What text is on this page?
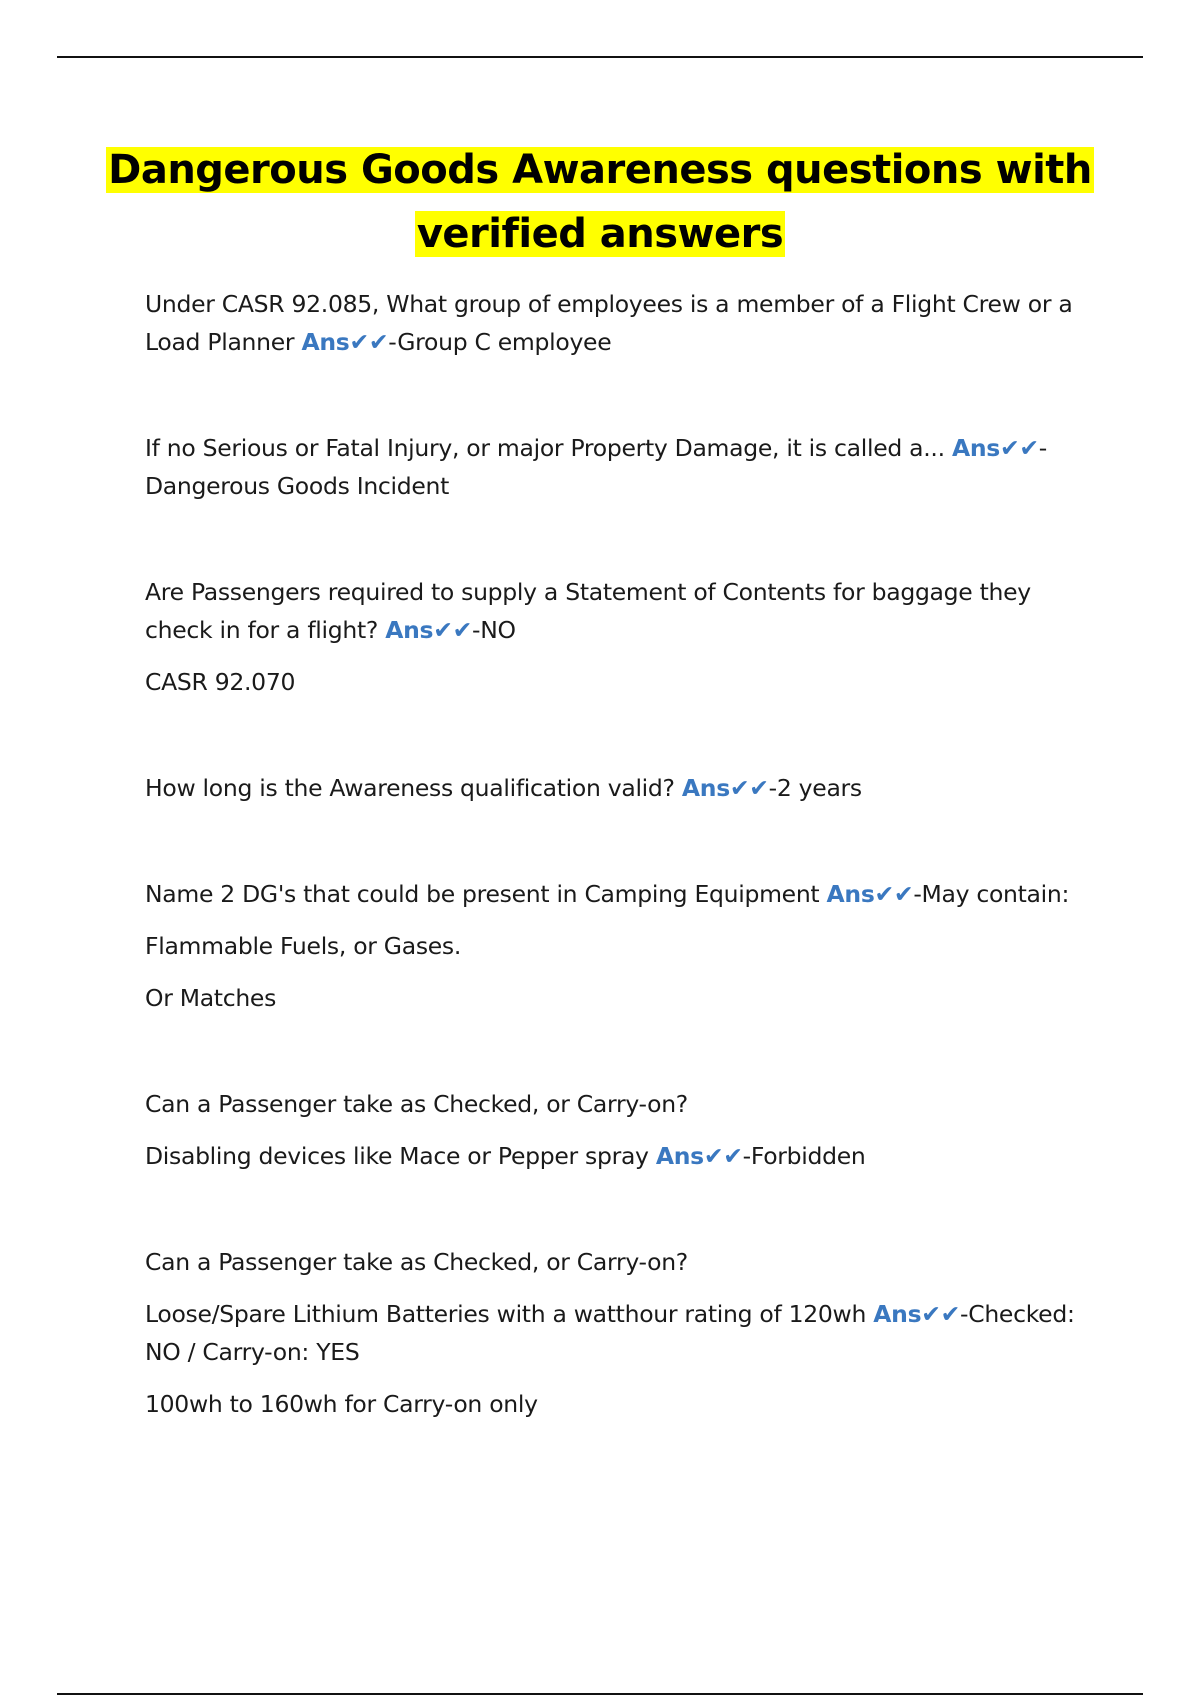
Dangerous Goods Awareness questions with
verified answers

Under CASR 92.085, What group of employees is a member of a Flight Crew or a Load Planner Ans✔✔-Group C employee

If no Serious or Fatal Injury, or major Property Damage, it is called a... Ans✔✔-Dangerous Goods Incident

Are Passengers required to supply a Statement of Contents for baggage they check in for a flight? Ans✔✔-NO

CASR 92.070

How long is the Awareness qualification valid? Ans✔✔-2 years

Name 2 DG's that could be present in Camping Equipment Ans✔✔-May contain:

Flammable Fuels, or Gases.

Or Matches

Can a Passenger take as Checked, or Carry-on?

Disabling devices like Mace or Pepper spray Ans✔✔-Forbidden

Can a Passenger take as Checked, or Carry-on?

Loose/Spare Lithium Batteries with a watthour rating of 120wh Ans✔✔-Checked: NO / Carry-on: YES

100wh to 160wh for Carry-on only
